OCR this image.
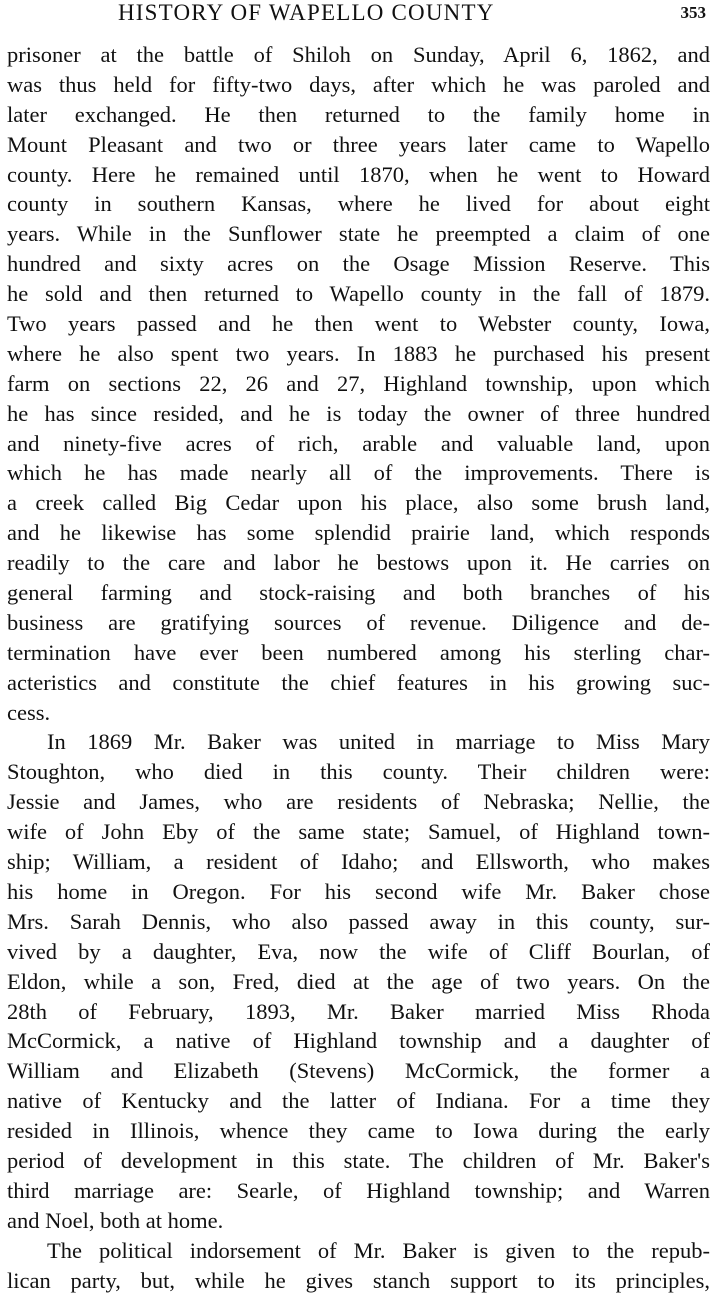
HISTORY OF WAPELLO COUNTY	353
prisoner at the battle of Shiloh on Sunday, April 6, 1862, and
was thus held for fifty-two days, after which he was paroled and
later exchanged. He then returned to the family home in
Mount Pleasant and two or three years later came to Wapello
county. Here he remained until 1870, when he went to Howard
county in southern Kansas, where he lived for about eight
years. While in the Sunflower state he preempted a claim of one
hundred and sixty acres on the Osage Mission Reserve. This
he sold and then returned to Wapello county in the fall of 1879.
Two years passed and he then went to Webster county, Iowa,
where he also spent two years. In 1883 he purchased his present
farm on sections 22, 26 and 27, Highland township, upon which
he has since resided, and he is today the owner of three hundred
and ninety-five acres of rich, arable and valuable land, upon
which he has made nearly all of the improvements. There is
a creek called Big Cedar upon his place, also some brush land,
and he likewise has some splendid prairie land, which responds
readily to the care and labor he bestows upon it. He carries on
general farming and stock-raising and both branches of his
business are gratifying sources of revenue. Diligence and de-
termination have ever been numbered among his sterling char-
acteristics and constitute the chief features in his growing suc-
cess.
In 1869 Mr. Baker was united in marriage to Miss Mary
Stoughton, who died in this county. Their children were:
Jessie and James, who are residents of Nebraska; Nellie, the
wife of John Eby of the same state; Samuel, of Highland town-
ship; William, a resident of Idaho; and Ellsworth, who makes
his home in Oregon. For his second wife Mr. Baker chose
Mrs. Sarah Dennis, who also passed away in this county, sur-
vived by a daughter, Eva, now the wife of Cliff Bourlan, of
Eldon, while a son, Fred, died at the age of two years. On the
28th of February, 1893, Mr. Baker married Miss Rhoda
McCormick, a native of Highland township and a daughter of
William and Elizabeth (Stevens) McCormick, the former a
native of Kentucky and the latter of Indiana. For a time they
resided in Illinois, whence they came to Iowa during the early
period of development in this state. The children of Mr. Baker's
third marriage are: Searle, of Highland township; and Warren
and Noel, both at home.
The political indorsement of Mr. Baker is given to the repub-
lican party, but, while he gives stanch support to its principles,
